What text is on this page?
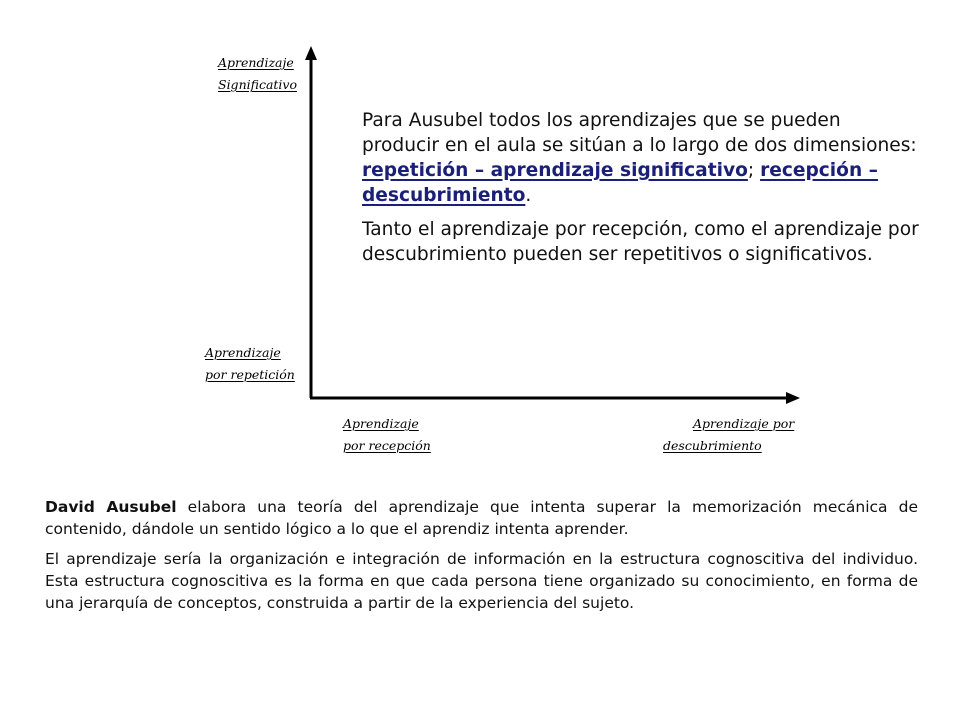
Aprendizaje
Significativo
Aprendizaje
por repetición
Aprendizaje
por recepción
Aprendizaje por
descubrimiento

Para Ausubel todos los aprendizajes que se pueden producir en el aula se sitúan a lo largo de dos dimensiones: repetición – aprendizaje significativo; recepción – descubrimiento.

Tanto el aprendizaje por recepción, como el aprendizaje por descubrimiento pueden ser repetitivos o significativos.

David Ausubel elabora una teoría del aprendizaje que intenta superar la memorización mecánica de contenido, dándole un sentido lógico a lo que el aprendiz intenta aprender.

El aprendizaje sería la organización e integración de información en la estructura cognoscitiva del individuo. Esta estructura cognoscitiva es la forma en que cada persona tiene organizado su conocimiento, en forma de una jerarquía de conceptos, construida a partir de la experiencia del sujeto.
